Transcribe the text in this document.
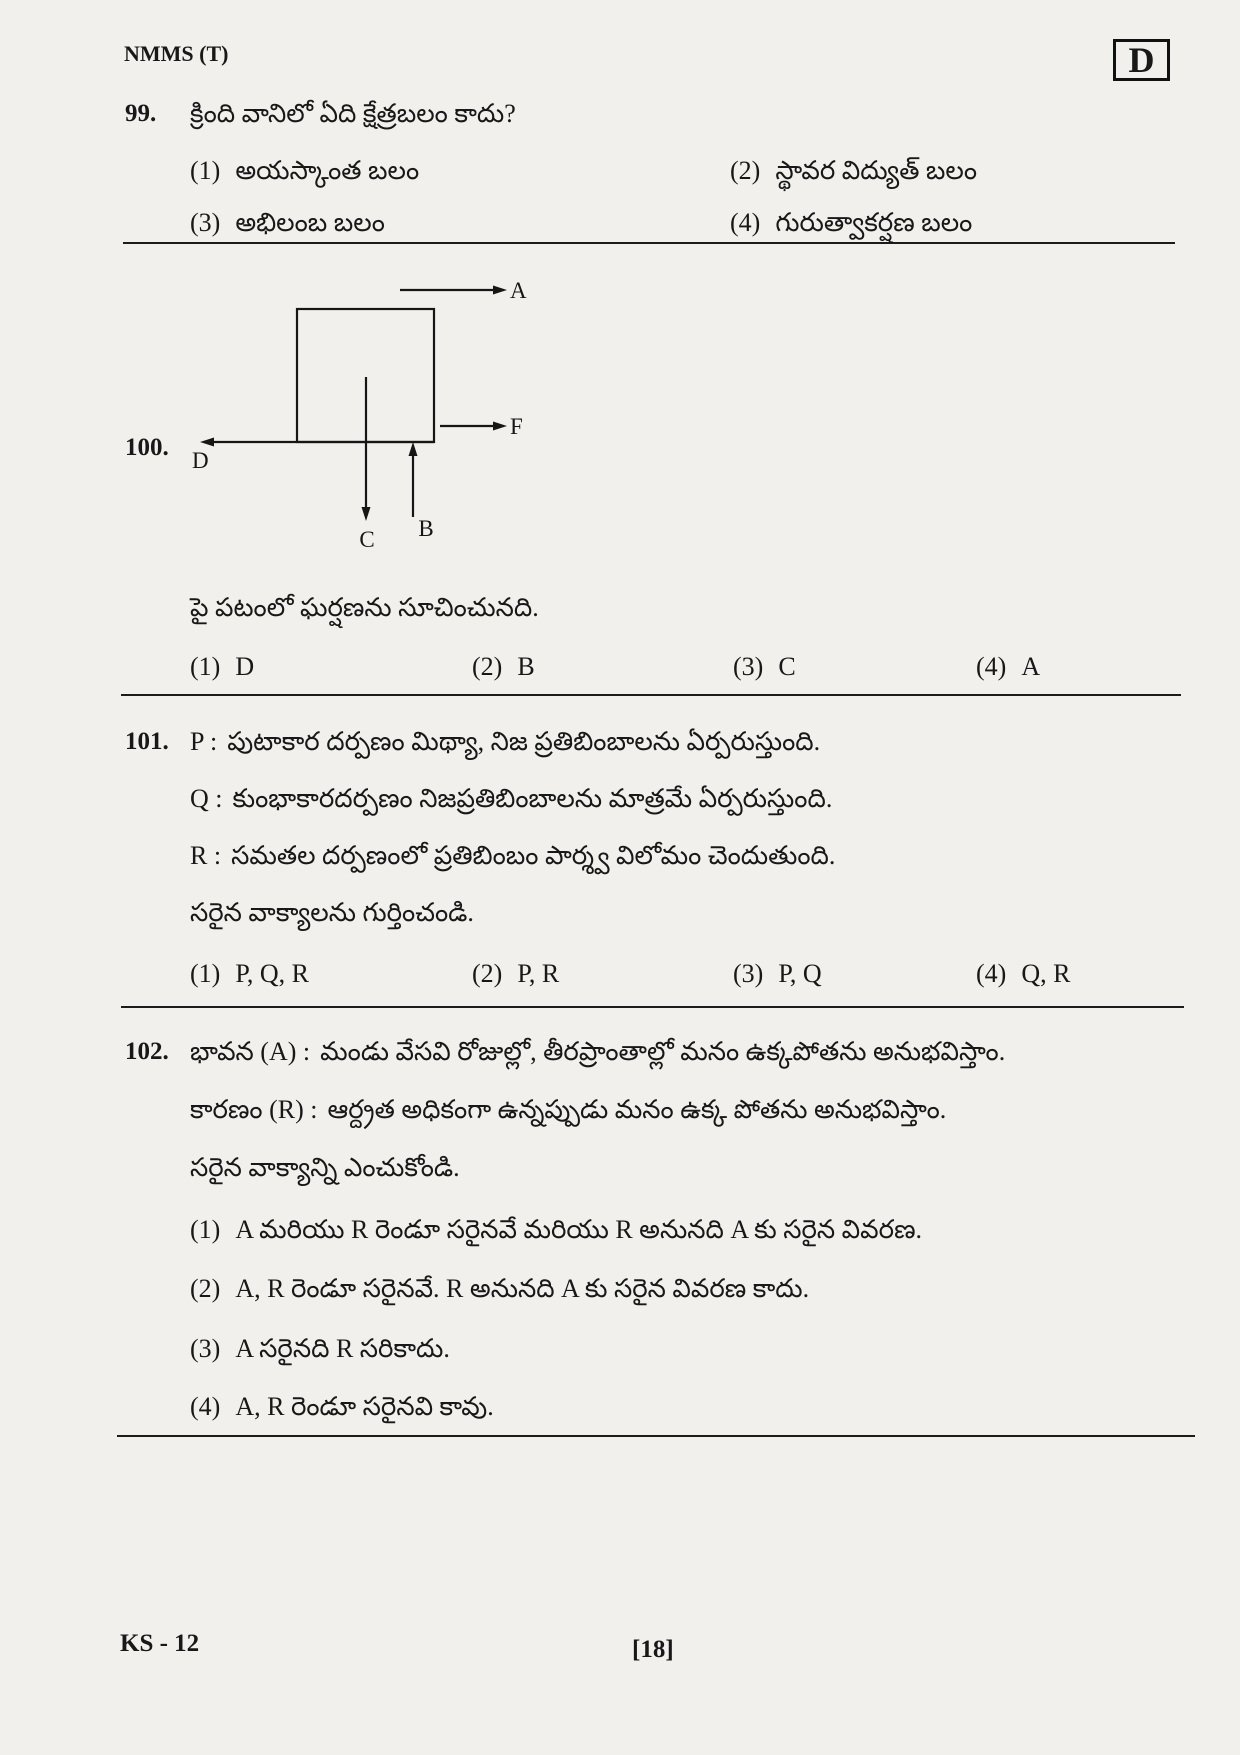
NMMS (T)	D
99. క్రింది వానిలో ఏది క్షేత్రబలం కాదు?
(1) అయస్కాంత బలం	(2) స్థావర విద్యుత్ బలం
(3) అభిలంబ బలం	(4) గురుత్వాకర్షణ బలం
100.
A
F
D
C B
పై పటంలో ఘర్షణను సూచించునది.
(1) D	(2) B	(3) C	(4) A
101. P : పుటాకార దర్పణం మిథ్యా, నిజ ప్రతిబింబాలను ఏర్పరుస్తుంది.
Q : కుంభాకారదర్పణం నిజప్రతిబింబాలను మాత్రమే ఏర్పరుస్తుంది.
R : సమతల దర్పణంలో ప్రతిబింబం పార్శ్వ విలోమం చెందుతుంది.
సరైన వాక్యాలను గుర్తించండి.
(1) P, Q, R	(2) P, R	(3) P, Q	(4) Q, R
102. భావన (A) : మండు వేసవి రోజుల్లో, తీరప్రాంతాల్లో మనం ఉక్కపోతను అనుభవిస్తాం.
కారణం (R) : ఆర్ద్రత అధికంగా ఉన్నప్పుడు మనం ఉక్క పోతను అనుభవిస్తాం.
సరైన వాక్యాన్ని ఎంచుకోండి.
(1) A మరియు R రెండూ సరైనవే మరియు R అనునది A కు సరైన వివరణ.
(2) A, R రెండూ సరైనవే. R అనునది A కు సరైన వివరణ కాదు.
(3) A సరైనది R సరికాదు.
(4) A, R రెండూ సరైనవి కావు.
KS - 12	[18]
